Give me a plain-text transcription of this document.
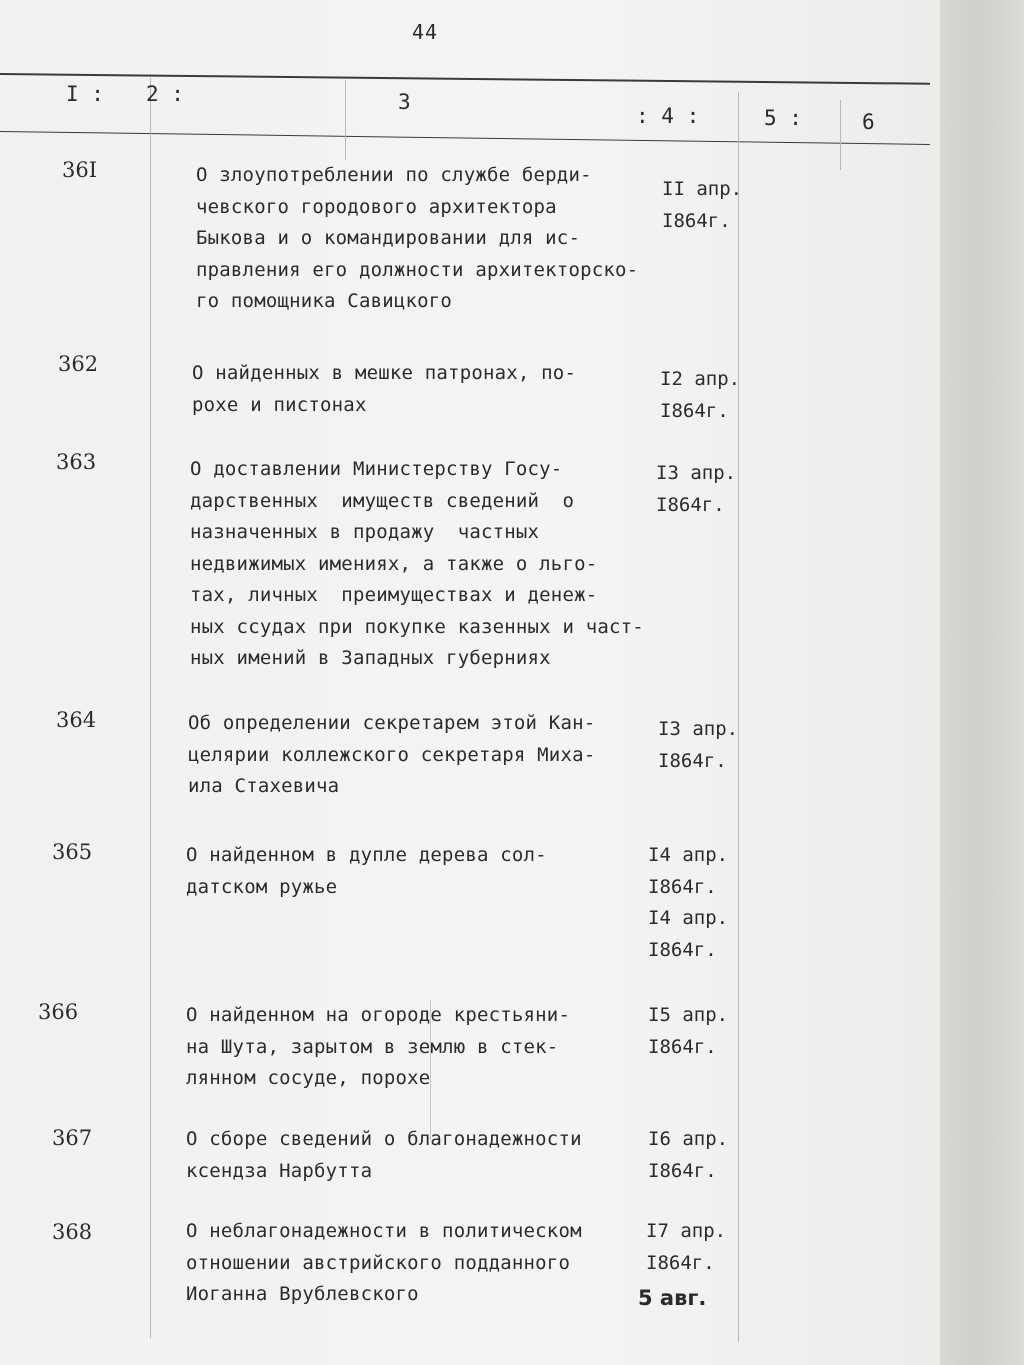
44
I : 2 :	3
: 4 :	5 :	6
36I	О злоупотреблении по службе берди-
чевского городового архитектора
Быкова и о командировании для ис-
правления его должности архитекторско-
го помощника Савицкого
II апр.
I864г.
362	О найденных в мешке патронах, по-
рохе и пистонах
I2 апр.
I864г.
363	О доставлении Министерству Госу-
дарственных  имуществ сведений  о
назначенных в продажу  частных
недвижимых имениях, а также о льго-
тах, личных  преимуществах и денеж-
ных ссудах при покупке казенных и част-
ных имений в Западных губерниях
I3 апр.
I864г.
364	Об определении секретарем этой Кан-
целярии коллежского секретаря Миха-
ила Стахевича
I3 апр.
I864г.
365	О найденном в дупле дерева сол-
датском ружье
I4 апр.
I864г.
I4 апр.
I864г.
366	О найденном на огороде крестьяни-
на Шута, зарытом в землю в стек-
лянном сосуде, порохе
I5 апр.
I864г.
367	О сборе сведений о благонадежности
ксендза Нарбутта
I6 апр.
I864г.
368	О неблагонадежности в политическом
отношении австрийского подданного
Иоганна Врублевского
I7 апр.
I864г.
5 авг.
